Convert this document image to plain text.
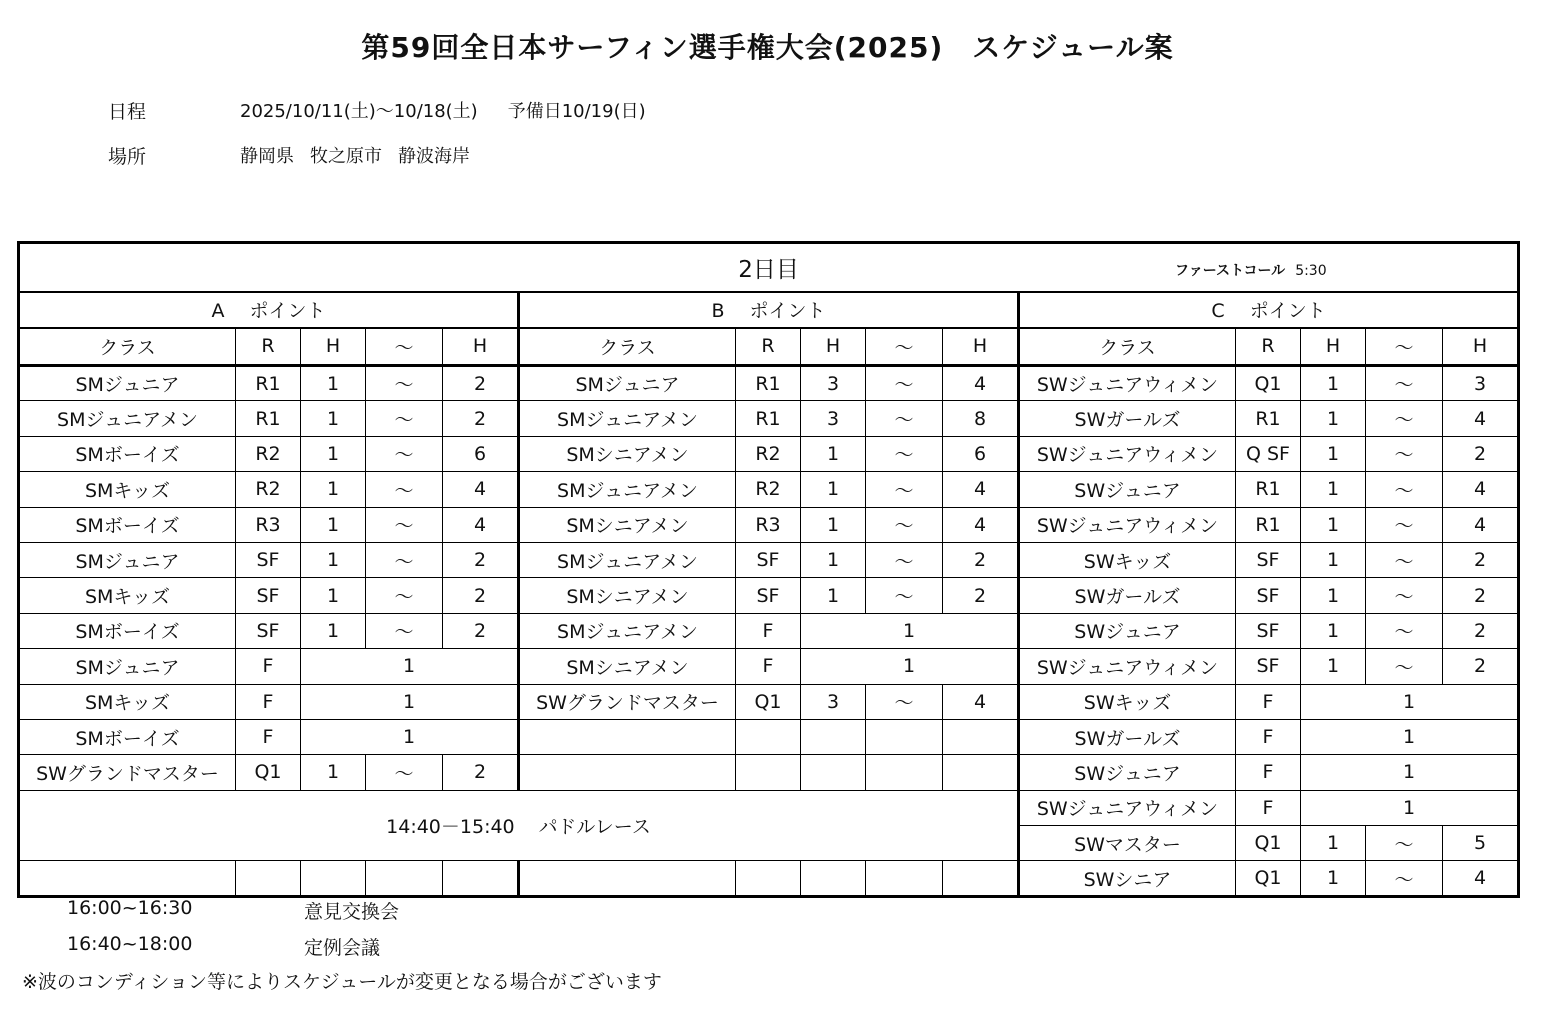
第59回全日本サーフィン選手権大会(2025)　スケジュール案
日程	2025/10/11(土)～10/18(土) 予備日10/19(日)
場所	静岡県 牧之原市 静波海岸
2日目 ファーストコール 5:30														

A　 ポイント					B　 ポイント					C　 ポイント				
クラス	R	H	～	H	クラス	R	H	～	H	クラス	R	H	～	H
SMジュニア	R1	1	～	2	SMジュニア	R1	3	～	4	SWジュニアウィメン	Q1	1	～	3
SMジュニアメン	R1	1	～	2	SMジュニアメン	R1	3	～	8	SWガールズ	R1	1	～	4
SMボーイズ	R2	1	～	6	SMシニアメン	R2	1	～	6	SWジュニアウィメン	Q SF	1	～	2
SMキッズ	R2	1	～	4	SMジュニアメン	R2	1	～	4	SWジュニア	R1	1	～	4
SMボーイズ	R3	1	～	4	SMシニアメン	R3	1	～	4	SWジュニアウィメン	R1	1	～	4
SMジュニア	SF	1	～	2	SMジュニアメン	SF	1	～	2	SWキッズ	SF	1	～	2
SMキッズ	SF	1	～	2	SMシニアメン	SF	1	～	2	SWガールズ	SF	1	～	2
SMボーイズ	SF	1	～	2	SMジュニアメン	F	1			SWジュニア	SF	1	～	2
SMジュニア	F	1			SMシニアメン	F	1			SWジュニアウィメン	SF	1	～	2
SMキッズ	F	1			SWグランドマスター	Q1	3	～	4	SWキッズ	F	1		
SMボーイズ	F	1								SWガールズ	F	1		
SWグランドマスター	Q1	1	～	2						SWジュニア	F	1		
14:40－15:40 パドルレース										SWジュニアウィメン	F	1		
										SWマスター	Q1	1	～	5
										SWシニア	Q1	1	～	4
16:00~16:30	意見交換会
16:40~18:00	定例会議
※波のコンディション等によりスケジュールが変更となる場合がございます
